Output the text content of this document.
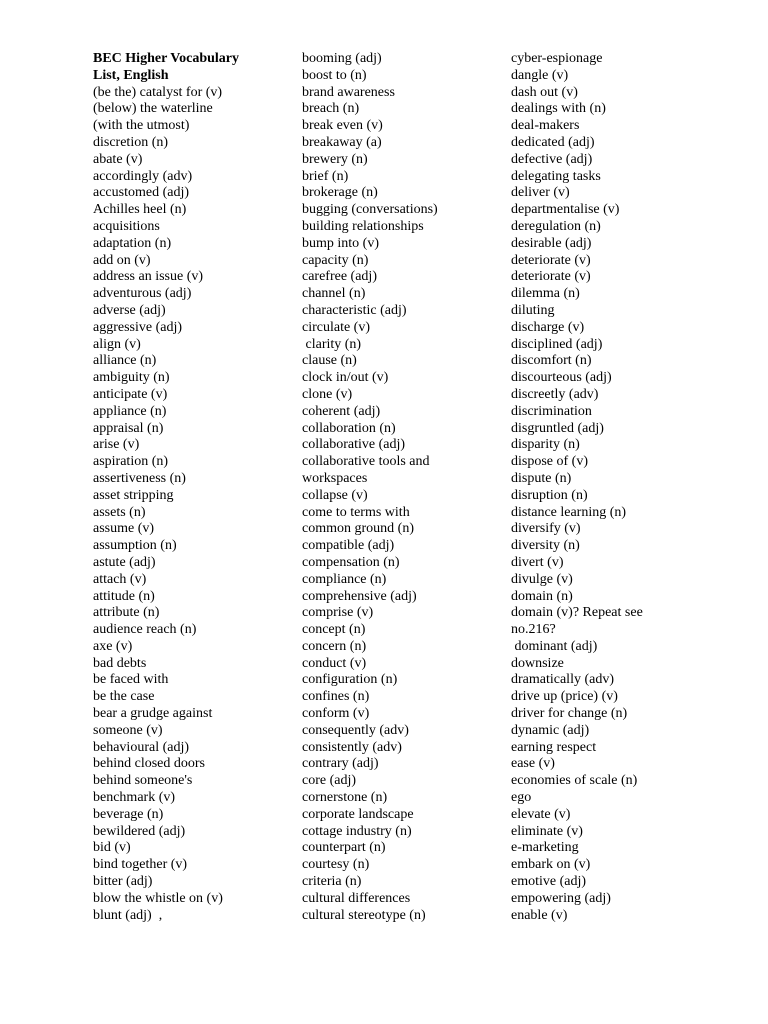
BEC Higher Vocabulary
List, English
(be the) catalyst for (v)
(below) the waterline
(with the utmost)
discretion (n)
abate (v)
accordingly (adv)
accustomed (adj)
Achilles heel (n)
acquisitions
adaptation (n)
add on (v)
address an issue (v)
adventurous (adj)
adverse (adj)
aggressive (adj)
align (v)
alliance (n)
ambiguity (n)
anticipate (v)
appliance (n)
appraisal (n)
arise (v)
aspiration (n)
assertiveness (n)
asset stripping
assets (n)
assume (v)
assumption (n)
astute (adj)
attach (v)
attitude (n)
attribute (n)
audience reach (n)
axe (v)
bad debts
be faced with
be the case
bear a grudge against
someone (v)
behavioural (adj)
behind closed doors
behind someone's
benchmark (v)
beverage (n)
bewildered (adj)
bid (v)
bind together (v)
bitter (adj)
blow the whistle on (v)
blunt (adj)  ,
booming (adj)
boost to (n)
brand awareness
breach (n)
break even (v)
breakaway (a)
brewery (n)
brief (n)
brokerage (n)
bugging (conversations)
building relationships
bump into (v)
capacity (n)
carefree (adj)
channel (n)
characteristic (adj)
circulate (v)
clarity (n)
clause (n)
clock in/out (v)
clone (v)
coherent (adj)
collaboration (n)
collaborative (adj)
collaborative tools and
workspaces
collapse (v)
come to terms with
common ground (n)
compatible (adj)
compensation (n)
compliance (n)
comprehensive (adj)
comprise (v)
concept (n)
concern (n)
conduct (v)
configuration (n)
confines (n)
conform (v)
consequently (adv)
consistently (adv)
contrary (adj)
core (adj)
cornerstone (n)
corporate landscape
cottage industry (n)
counterpart (n)
courtesy (n)
criteria (n)
cultural differences
cultural stereotype (n)
cyber-espionage
dangle (v)
dash out (v)
dealings with (n)
deal-makers
dedicated (adj)
defective (adj)
delegating tasks
deliver (v)
departmentalise (v)
deregulation (n)
desirable (adj)
deteriorate (v)
deteriorate (v)
dilemma (n)
diluting
discharge (v)
disciplined (adj)
discomfort (n)
discourteous (adj)
discreetly (adv)
discrimination
disgruntled (adj)
disparity (n)
dispose of (v)
dispute (n)
disruption (n)
distance learning (n)
diversify (v)
diversity (n)
divert (v)
divulge (v)
domain (n)
domain (v)? Repeat see
no.216?
dominant (adj)
downsize
dramatically (adv)
drive up (price) (v)
driver for change (n)
dynamic (adj)
earning respect
ease (v)
economies of scale (n)
ego
elevate (v)
eliminate (v)
e-marketing
embark on (v)
emotive (adj)
empowering (adj)
enable (v)
